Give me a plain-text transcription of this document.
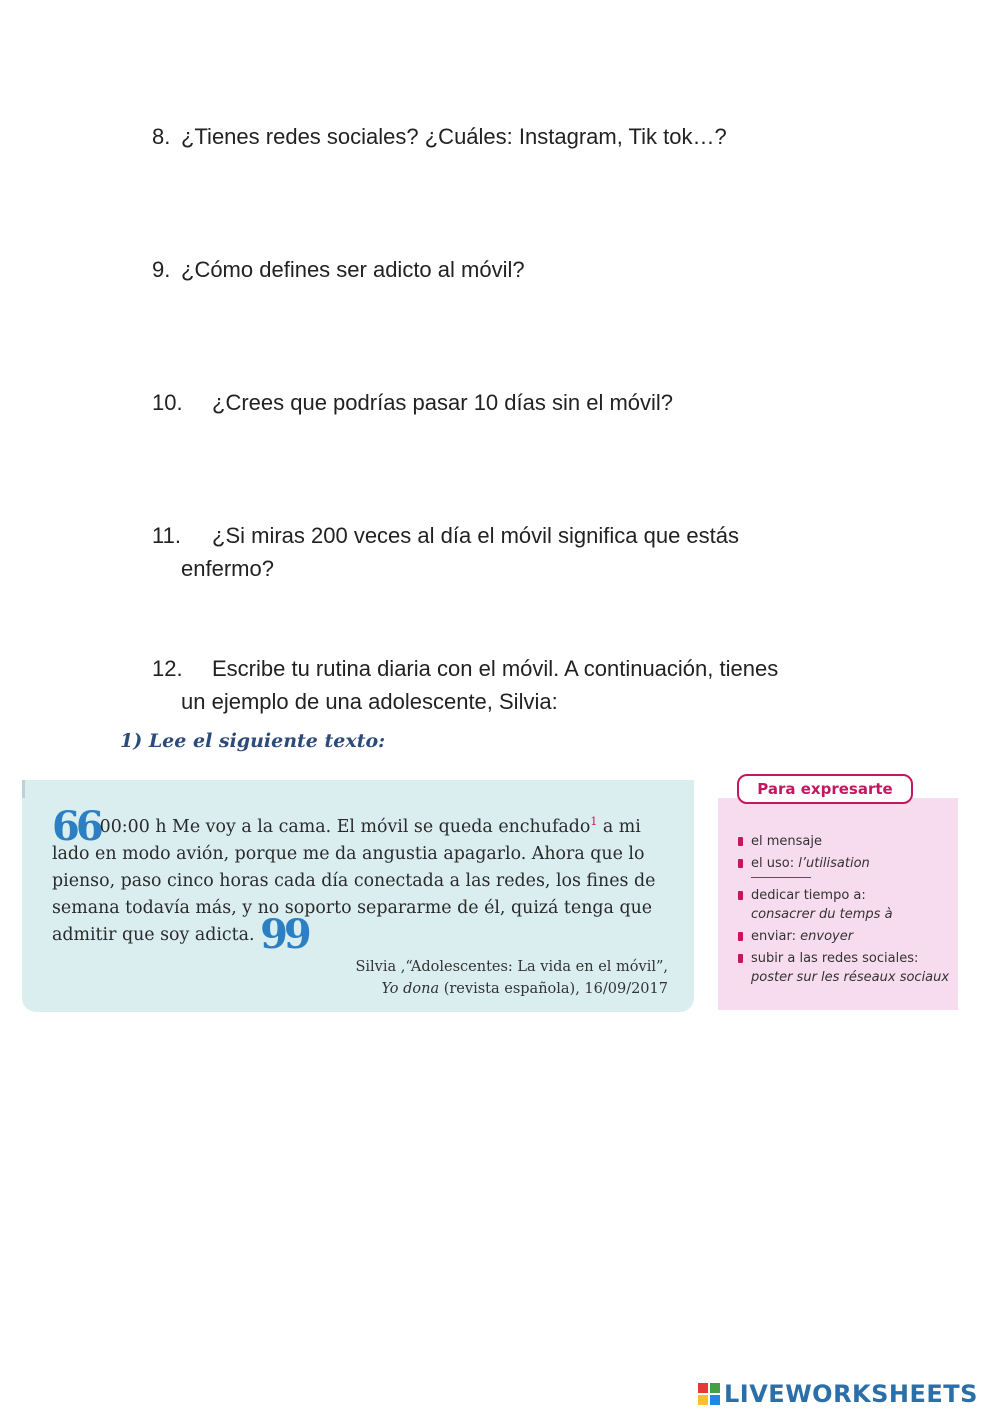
8. ¿Tienes redes sociales? ¿Cuáles: Instagram, Tik tok…?
9. ¿Cómo defines ser adicto al móvil?
10. ¿Crees que podrías pasar 10 días sin el móvil?
11. ¿Si miras 200 veces al día el móvil significa que estás
enfermo?
12. Escribe tu rutina diaria con el móvil. A continuación, tienes
un ejemplo de una adolescente, Silvia:
1) Lee el siguiente texto:
6600:00 h Me voy a la cama. El móvil se queda enchufado$^1$ a mi lado en modo avión, porque me da angustia apagarlo. Ahora que lo pienso, paso cinco horas cada día conectada a las redes, los fines de semana todavía más, y no soporto separarme de él, quizá tenga que admitir que soy adicta. 99
Silvia ,“Adolescentes: La vida en el móvil”,
Yo dona (revista española), 16/09/2017
Para expresarte
el mensaje
el uso: l’utilisation
dedicar tiempo a:
consacrer du temps à
enviar: envoyer
subir a las redes sociales:
poster sur les réseaux sociaux
LIVEWORKSHEETS
